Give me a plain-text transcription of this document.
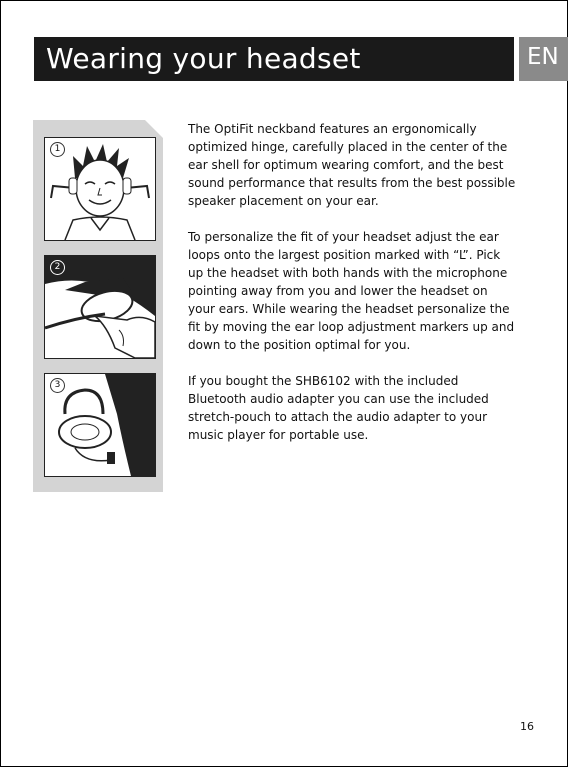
Wearing your headset	EN
1
2
3

The OptiFit neckband features an ergonomically optimized hinge, carefully placed in the center of the ear shell for optimum wearing comfort, and the best sound performance that results from the best possible speaker placement on your ear.

To personalize the fit of your headset adjust the ear loops onto the largest position marked with “L”. Pick up the headset with both hands with the microphone pointing away from you and lower the headset on your ears. While wearing the headset personalize the fit by moving the ear loop adjustment markers up and down to the position optimal for you.

If you bought the SHB6102 with the included Bluetooth audio adapter you can use the included stretch-pouch to attach the audio adapter to your music player for portable use.

16
